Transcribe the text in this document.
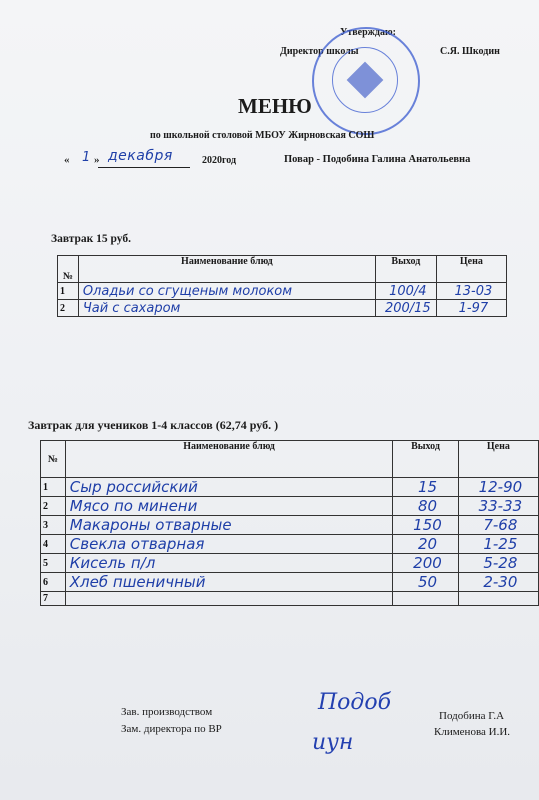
Утверждаю:
Директор школы	С.Я. Шкодин
МЕНЮ
по школьной столовой МБОУ Жирновская СОШ
« 1 » декабря	2020год	Повар - Подобина Галина Анатольевна
Завтрак 15 руб.
№	Наименование блюд	Выход	Цена
1	Оладьи со сгущеным молоком	100/4	13-03
2	Чай с сахаром	200/15	1-97
Завтрак для учеников 1-4 классов (62,74 руб. )
№	Наименование блюд	Выход	Цена
1	Сыр российский	15	12-90
2	Мясо по минени	80	33-33
3	Макароны отварные	150	7-68
4	Свекла отварная	20	1-25
5	Кисель п/л	200	5-28
6	Хлеб пшеничный	50	2-30
7			
Зав. производством
Зам. директора по ВР
Подоб
иун
Подобина Г.А
Клименова И.И.
